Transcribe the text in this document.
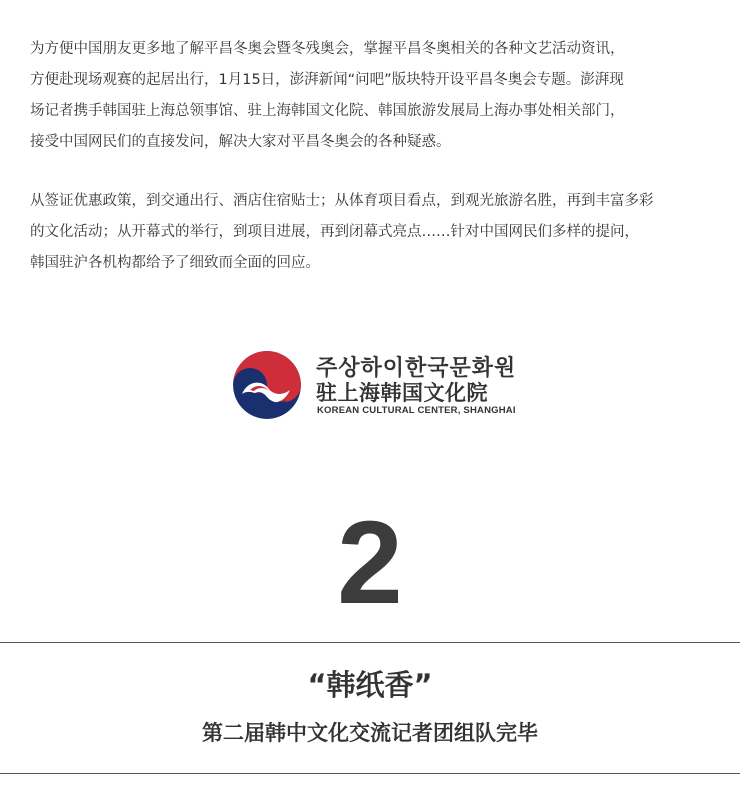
为方便中国朋友更多地了解平昌冬奥会暨冬残奥会，掌握平昌冬奥相关的各种文艺活动资讯，
方便赴现场观赛的起居出行，1月15日，澎湃新闻“问吧”版块特开设平昌冬奥会专题。澎湃现
场记者携手韩国驻上海总领事馆、驻上海韩国文化院、韩国旅游发展局上海办事处相关部门，
接受中国网民们的直接发问，解决大家对平昌冬奥会的各种疑惑。
从签证优惠政策，到交通出行、酒店住宿贴士；从体育项目看点，到观光旅游名胜，再到丰富多彩
的文化活动；从开幕式的举行，到项目进展，再到闭幕式亮点……针对中国网民们多样的提问，
韩国驻沪各机构都给予了细致而全面的回应。
주상하이한국문화원
驻上海韩国文化院
KOREAN CULTURAL CENTER, SHANGHAI
2
“韩纸香”
第二届韩中文化交流记者团组队完毕
